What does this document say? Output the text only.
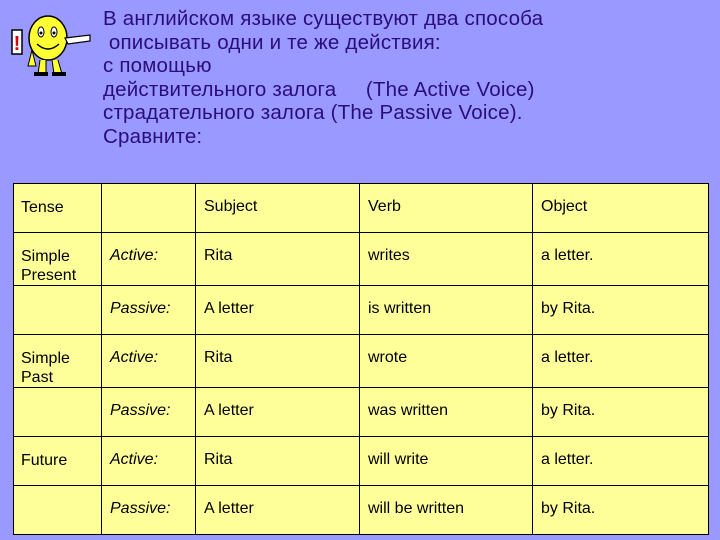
!
В английском языке существуют два способа
описывать одни и те же действия:
с помощью
действительного залога     (The Active Voice)
страдательного залога (The Passive Voice).
Сравните:
Tense		Subject	Verb	Object
Simple Present	Active:	Rita	writes	a letter.
	Passive:	A letter	is written	by Rita.
Simple Past	Active:	Rita	wrote	a letter.
	Passive:	A letter	was written	by Rita.
Future	Active:	Rita	will write	a letter.
	Passive:	A letter	will be written	by Rita.
